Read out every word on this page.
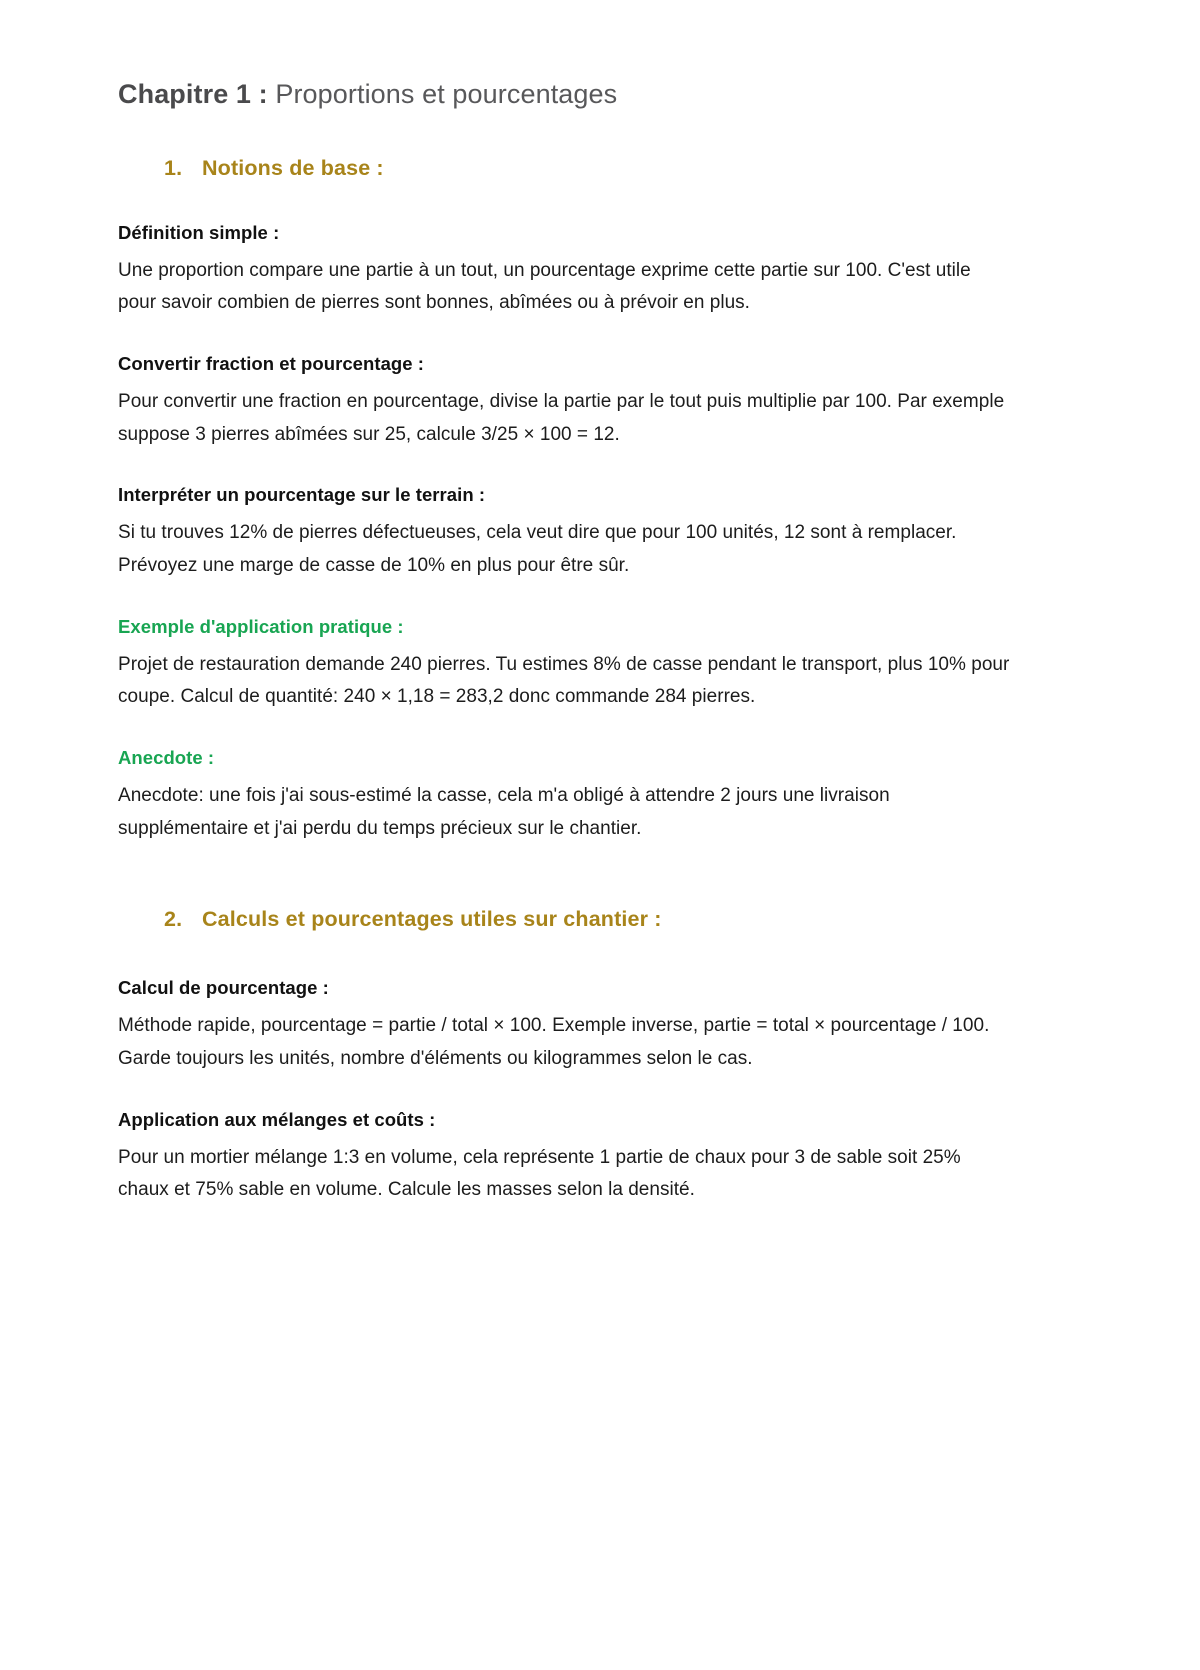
Chapitre 1 : Proportions et pourcentages
1. Notions de base :
Définition simple :

Une proportion compare une partie à un tout, un pourcentage exprime cette partie sur 100. C'est utile pour savoir combien de pierres sont bonnes, abîmées ou à prévoir en plus.

Convertir fraction et pourcentage :

Pour convertir une fraction en pourcentage, divise la partie par le tout puis multiplie par 100. Par exemple suppose 3 pierres abîmées sur 25, calcule 3/25 × 100 = 12.

Interpréter un pourcentage sur le terrain :

Si tu trouves 12% de pierres défectueuses, cela veut dire que pour 100 unités, 12 sont à remplacer. Prévoyez une marge de casse de 10% en plus pour être sûr.

Exemple d'application pratique :

Projet de restauration demande 240 pierres. Tu estimes 8% de casse pendant le transport, plus 10% pour coupe. Calcul de quantité: 240 × 1,18 = 283,2 donc commande 284 pierres.

Anecdote :

Anecdote: une fois j'ai sous-estimé la casse, cela m'a obligé à attendre 2 jours une livraison supplémentaire et j'ai perdu du temps précieux sur le chantier.

2. Calculs et pourcentages utiles sur chantier :
Calcul de pourcentage :

Méthode rapide, pourcentage = partie / total × 100. Exemple inverse, partie = total × pourcentage / 100. Garde toujours les unités, nombre d'éléments ou kilogrammes selon le cas.

Application aux mélanges et coûts :

Pour un mortier mélange 1:3 en volume, cela représente 1 partie de chaux pour 3 de sable soit 25% chaux et 75% sable en volume. Calcule les masses selon la densité.
